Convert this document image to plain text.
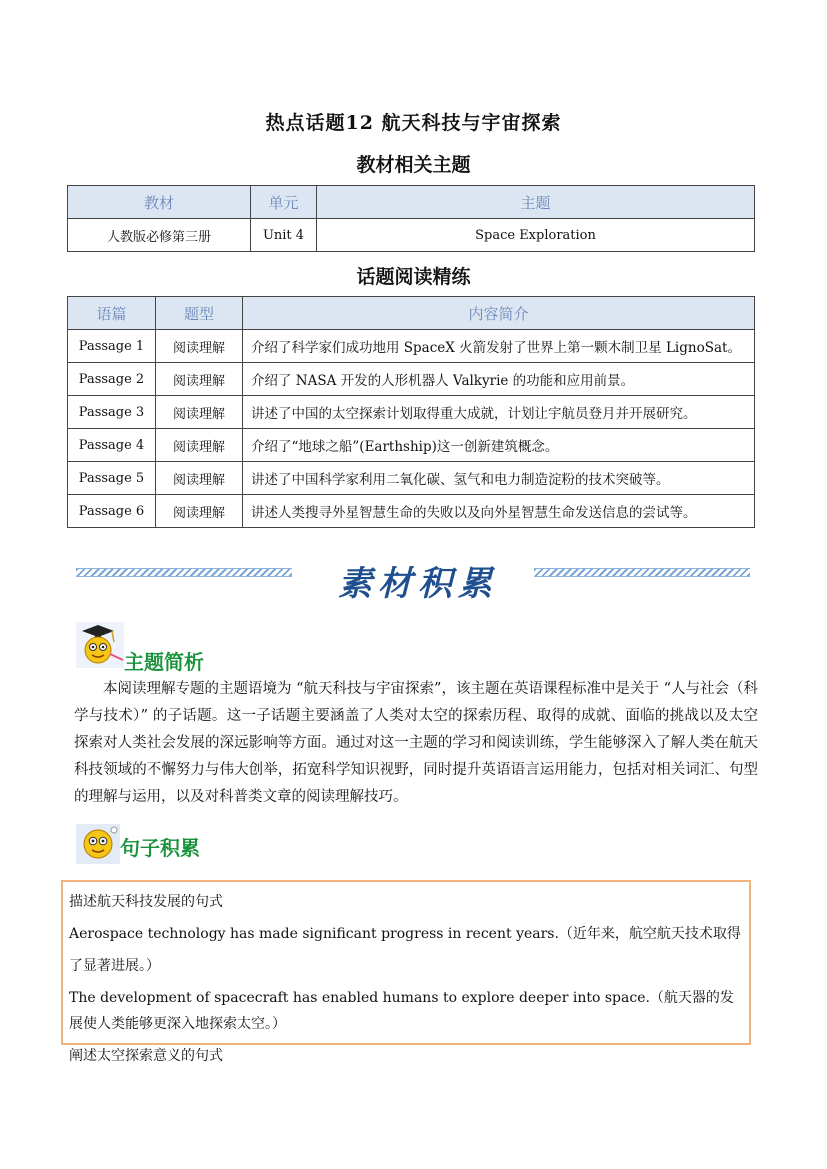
热点话题12 航天科技与宇宙探索
教材相关主题
教材	单元	主题
人教版必修第三册	Unit 4	Space Exploration
话题阅读精练
语篇	题型	内容简介
Passage 1	阅读理解	介绍了科学家们成功地用 SpaceX 火箭发射了世界上第一颗木制卫星 LignoSat。
Passage 2	阅读理解	介绍了 NASA 开发的人形机器人 Valkyrie 的功能和应用前景。
Passage 3	阅读理解	讲述了中国的太空探索计划取得重大成就，计划让宇航员登月并开展研究。
Passage 4	阅读理解	介绍了“地球之船”(Earthship)这一创新建筑概念。
Passage 5	阅读理解	讲述了中国科学家利用二氧化碳、氢气和电力制造淀粉的技术突破等。
Passage 6	阅读理解	讲述人类搜寻外星智慧生命的失败以及向外星智慧生命发送信息的尝试等。
素材积累
主题简析
本阅读理解专题的主题语境为 “航天科技与宇宙探索”，该主题在英语课程标准中是关于 “人与社会（科学与技术）” 的子话题。这一子话题主要涵盖了人类对太空的探索历程、取得的成就、面临的挑战以及太空探索对人类社会发展的深远影响等方面。通过对这一主题的学习和阅读训练，学生能够深入了解人类在航天科技领域的不懈努力与伟大创举，拓宽科学知识视野，同时提升英语语言运用能力，包括对相关词汇、句型的理解与运用，以及对科普类文章的阅读理解技巧。
句子积累

描述航天科技发展的句式

Aerospace technology has made significant progress in recent years.（近年来，航空航天技术取得了显著进展。）

The development of spacecraft has enabled humans to explore deeper into space.（航天器的发展使人类能够更深入地探索太空。）

阐述太空探索意义的句式
